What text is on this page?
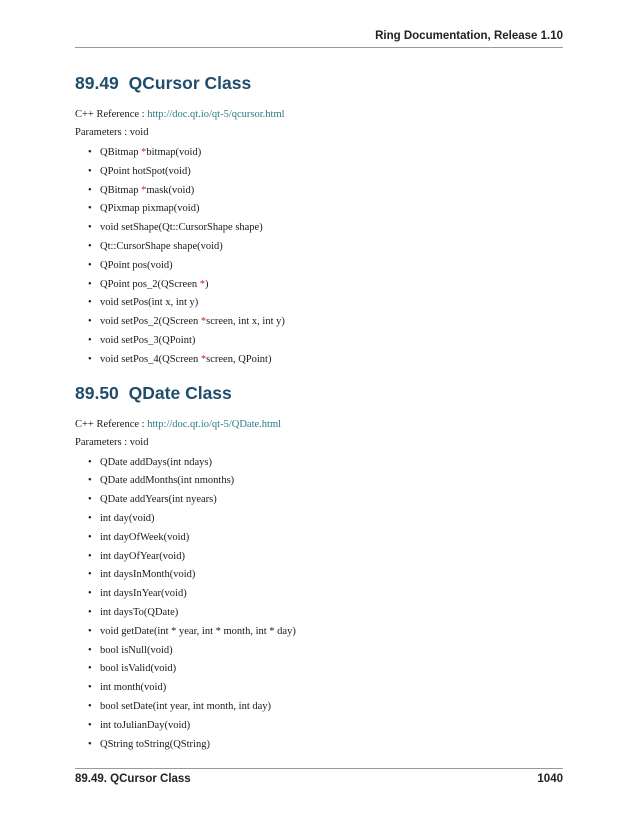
Ring Documentation, Release 1.10
89.49 QCursor Class
C++ Reference : http://doc.qt.io/qt-5/qcursor.html
Parameters : void
• QBitmap *bitmap(void)
• QPoint hotSpot(void)
• QBitmap *mask(void)
• QPixmap pixmap(void)
• void setShape(Qt::CursorShape shape)
• Qt::CursorShape shape(void)
• QPoint pos(void)
• QPoint pos_2(QScreen *)
• void setPos(int x, int y)
• void setPos_2(QScreen *screen, int x, int y)
• void setPos_3(QPoint)
• void setPos_4(QScreen *screen, QPoint)
89.50 QDate Class
C++ Reference : http://doc.qt.io/qt-5/QDate.html
Parameters : void
• QDate addDays(int ndays)
• QDate addMonths(int nmonths)
• QDate addYears(int nyears)
• int day(void)
• int dayOfWeek(void)
• int dayOfYear(void)
• int daysInMonth(void)
• int daysInYear(void)
• int daysTo(QDate)
• void getDate(int * year, int * month, int * day)
• bool isNull(void)
• bool isValid(void)
• int month(void)
• bool setDate(int year, int month, int day)
• int toJulianDay(void)
• QString toString(QString)
89.49. QCursor Class	1040
